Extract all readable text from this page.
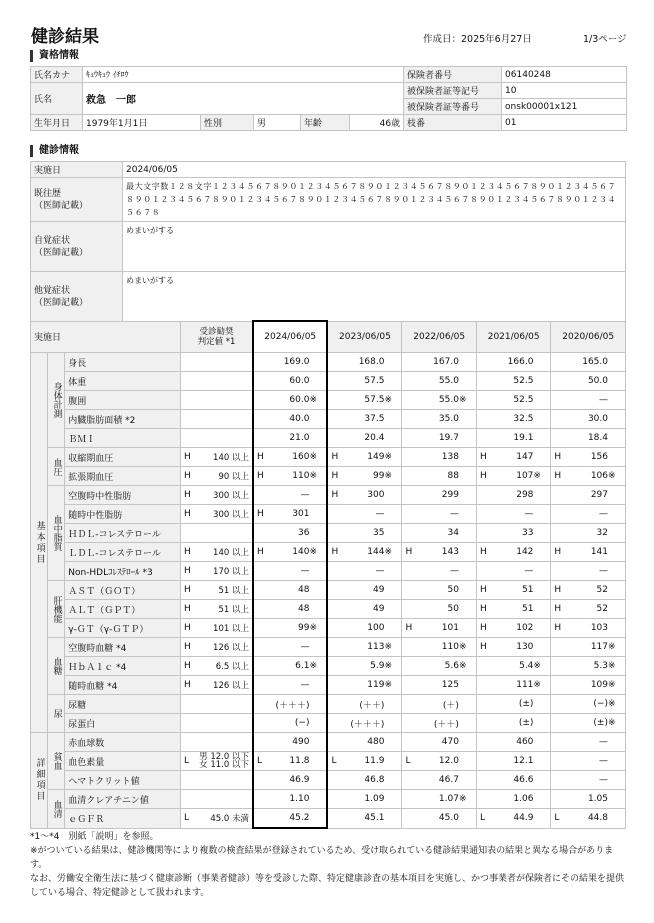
健診結果	作成日：2025年6月27日	1/3ページ
資格情報
氏名カナ	ｷｭｳｷｭｳ ｲﾁﾛｳ					保険者番号	06140248
氏名	救急　一郎					被保険者証等記号	10
						被保険者証等番号	onsk00001x121
生年月日	1979年1月1日	性別	男	年齢	46歳	枝番	01
健診情報
実施日	2024/06/05
既往歴
（医師記載）	最大文字数１２８文字１２３４５６７８９０１２３４５６７８９０１２３４５６７８９０１２３４５６７８９０１２３４５６７８９０１２３４５６７８９０１２３４５６７８９０１２３４５６７８９０１２３４５６７８９０１２３４５６７８９０１２３４５６７８
自覚症状
（医師記載）	めまいがする
他覚症状
（医師記載）	めまいがする
実施日			受診勧奨
判定値 *1		2024/06/05		2023/06/05		2022/06/05		2021/06/05		2020/06/05	
基本項目	身体計測	身長				169.0		168.0		167.0		166.0		165.0
		体重				60.0		57.5		55.0		52.5		50.0
		腹囲				60.0※		57.5※		55.0※		52.5		—
		内臓脂肪面積 *2				40.0		37.5		35.0		32.5		30.0
		ＢＭＩ				21.0		20.4		19.7		19.1		18.4
	血圧	収縮期血圧	H	140 以上	H	160※	H	149※		138	H	147	H	156
		拡張期血圧	H	90 以上	H	110※	H	99※		88	H	107※	H	106※
	血中脂質	空腹時中性脂肪	H	300 以上		—	H	300		299		298		297
		随時中性脂肪	H	300 以上	H	301		—		—		—		—
		ＨＤＬ-コレステロール				36		35		34		33		32
		ＬＤＬ-コレステロール	H	140 以上	H	140※	H	144※	H	143	H	142	H	141
		Non-HDLｺﾚｽﾃﾛｰﾙ *3	H	170 以上		—		—		—		—		—
	肝機能	ＡＳＴ（ＧＯＴ）	H	51 以上		48		49		50	H	51	H	52
		ＡＬＴ（ＧＰＴ）	H	51 以上		48		49		50	H	51	H	52
		γ-ＧＴ（γ-ＧＴＰ）	H	101 以上		99※		100	H	101	H	102	H	103
	血糖	空腹時血糖 *4	H	126 以上		—		113※		110※	H	130		117※
		ＨｂＡ１ｃ *4	H	6.5 以上		6.1※		5.9※		5.6※		5.4※		5.3※
		随時血糖 *4	H	126 以上		—		119※		125		111※		109※
	尿	尿糖				(＋＋＋)		(＋＋)		(＋)		(±)		(−)※
		尿蛋白				(−)		(＋＋＋)		(＋＋)		(±)		(±)※
詳細項目	貧血	赤血球数				490		480		470		460		—
		血色素量	L	男 12.0 以下
女 11.0 以下	L	11.8	L	11.9	L	12.0		12.1		—
		ヘマトクリット値				46.9		46.8		46.7		46.6		—
	血清	血清クレアチニン値				1.10		1.09		1.07※		1.06		1.05
		ｅＧＦＲ	L	45.0 未満		45.2		45.1		45.0	L	44.9	L	44.8
*1〜*4　別紙「説明」を参照。
※がついている結果は、健診機関等により複数の検査結果が登録されているため、受け取られている健診結果通知表の結果と異なる場合があります。
なお、労働安全衛生法に基づく健康診断（事業者健診）等を受診した際、特定健康診査の基本項目を実施し、かつ事業者が保険者にその結果を提供している場合、特定健診として扱われます。
